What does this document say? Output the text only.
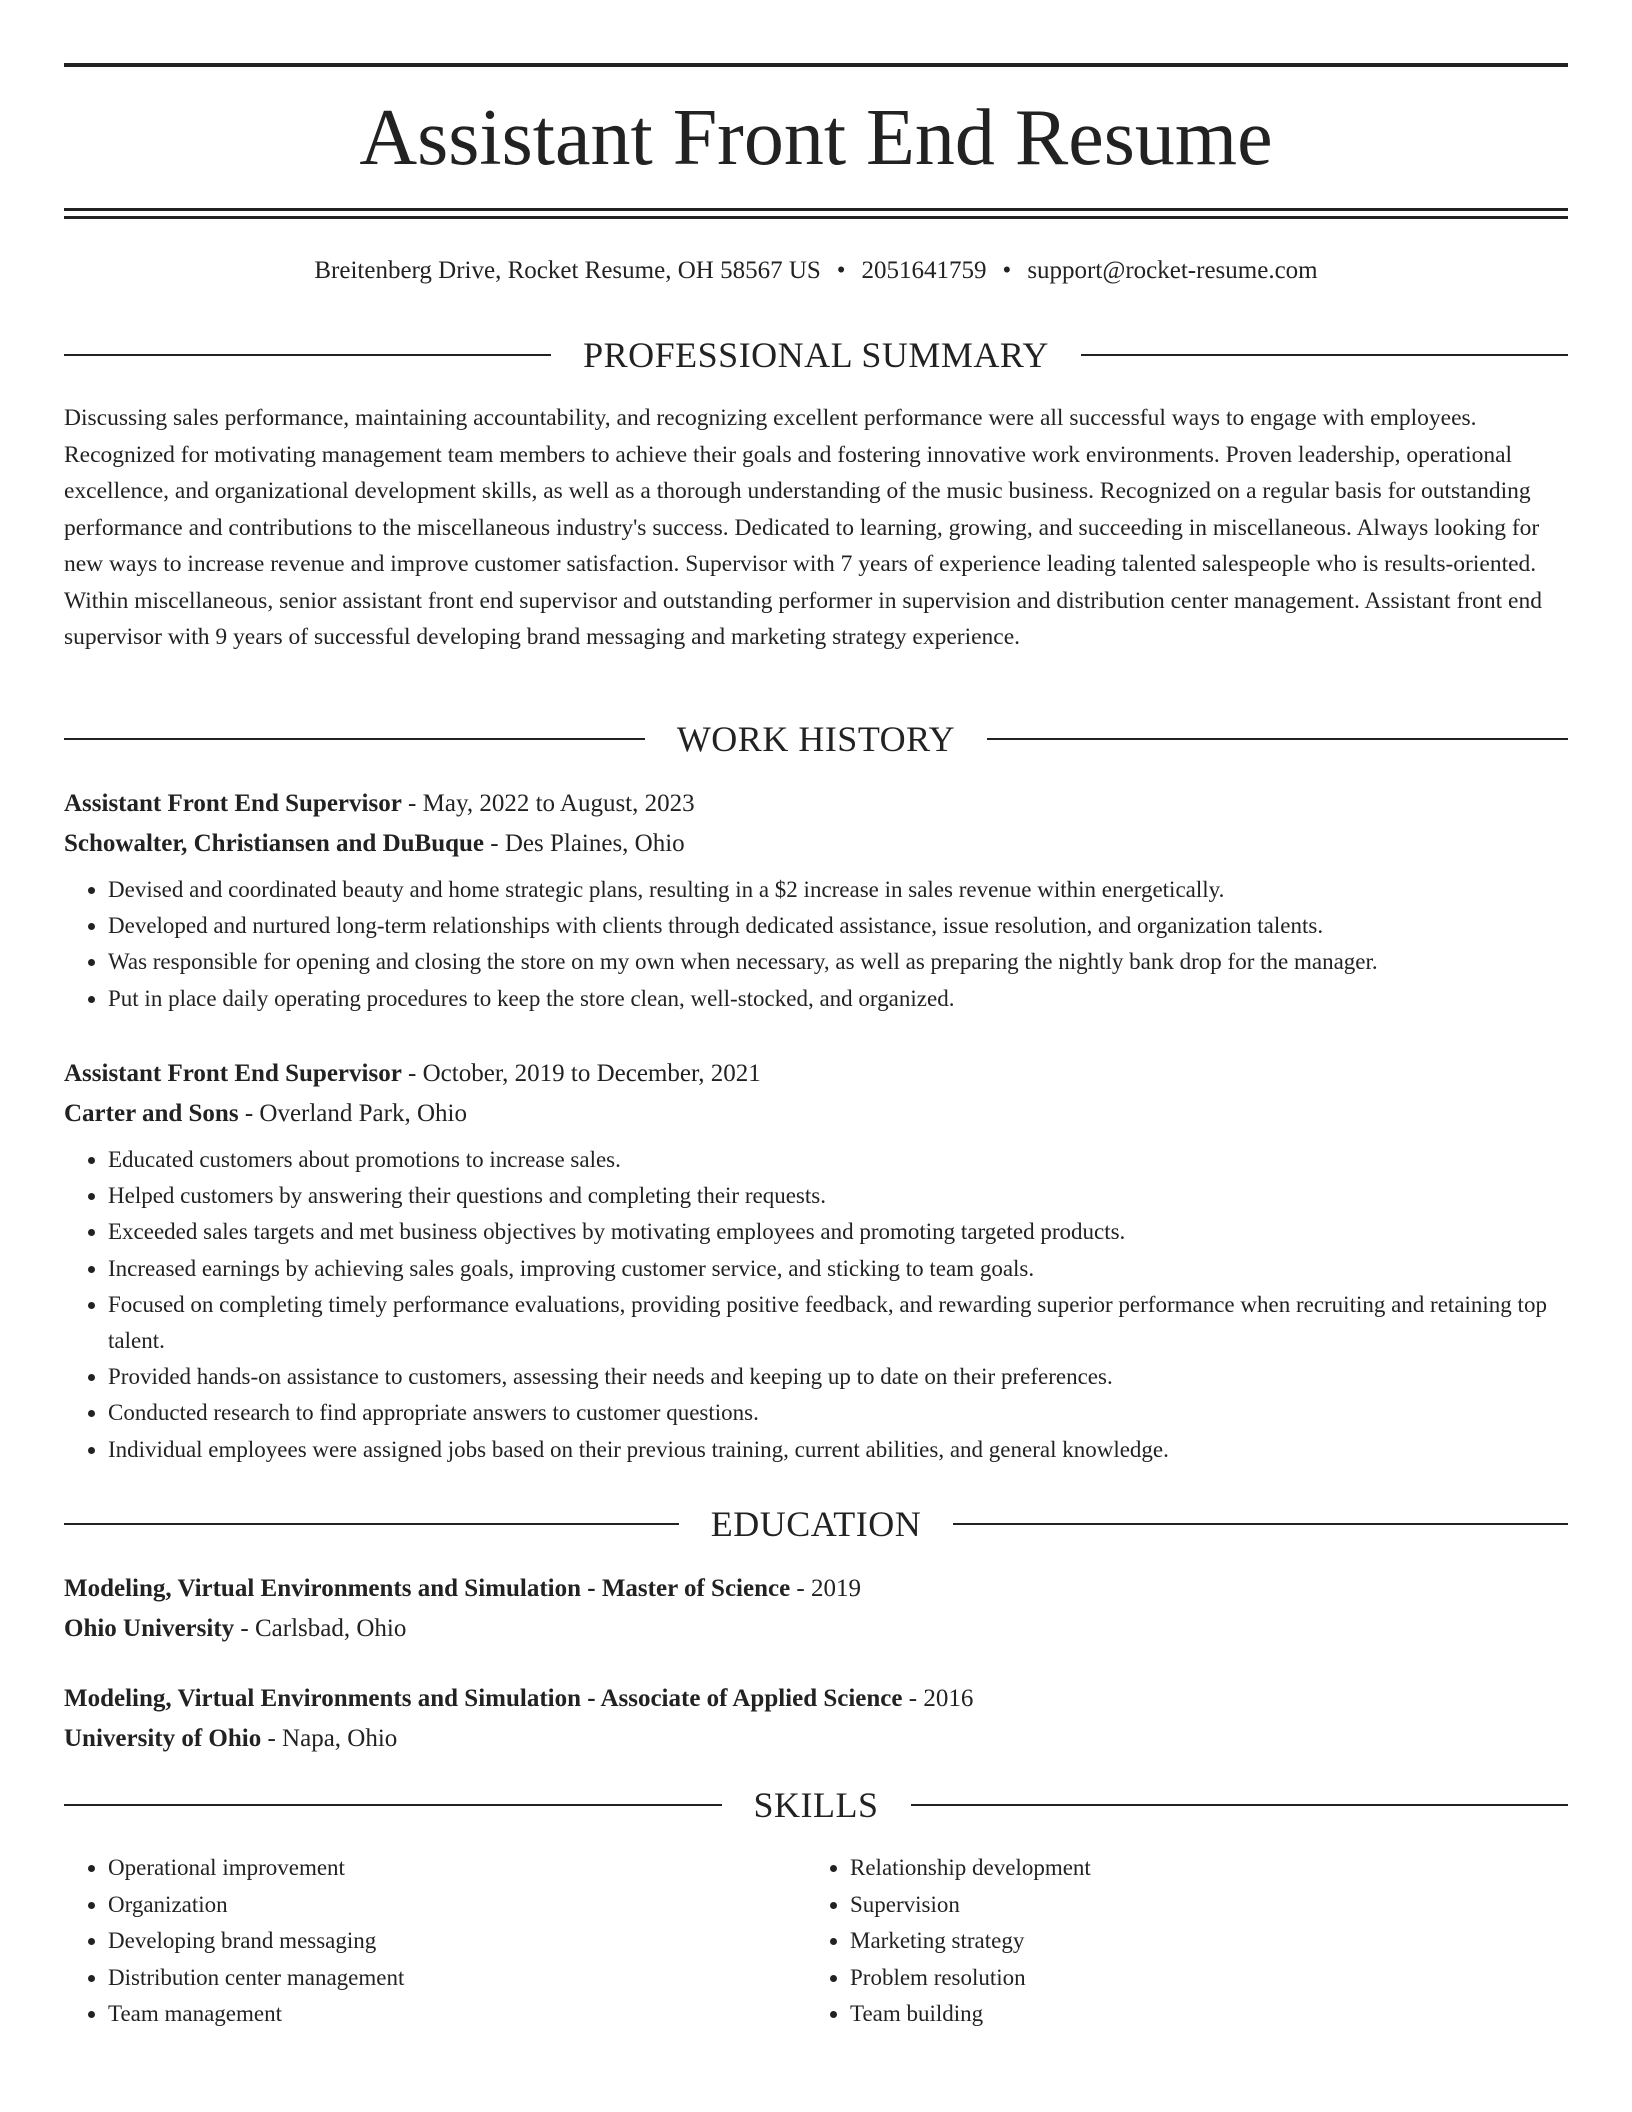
Assistant Front End Resume
Breitenberg Drive, Rocket Resume, OH 58567 US • 2051641759 • support@rocket-resume.com
PROFESSIONAL SUMMARY

Discussing sales performance, maintaining accountability, and recognizing excellent performance were all successful ways to engage with employees. Recognized for motivating management team members to achieve their goals and fostering innovative work environments. Proven leadership, operational excellence, and organizational development skills, as well as a thorough understanding of the music business. Recognized on a regular basis for outstanding performance and contributions to the miscellaneous industry's success. Dedicated to learning, growing, and succeeding in miscellaneous. Always looking for new ways to increase revenue and improve customer satisfaction. Supervisor with 7 years of experience leading talented salespeople who is results-oriented. Within miscellaneous, senior assistant front end supervisor and outstanding performer in supervision and distribution center management. Assistant front end supervisor with 9 years of successful developing brand messaging and marketing strategy experience.

WORK HISTORY
Assistant Front End Supervisor - May, 2022 to August, 2023
Schowalter, Christiansen and DuBuque - Des Plaines, Ohio
• Devised and coordinated beauty and home strategic plans, resulting in a $2 increase in sales revenue within energetically.
• Developed and nurtured long-term relationships with clients through dedicated assistance, issue resolution, and organization talents.
• Was responsible for opening and closing the store on my own when necessary, as well as preparing the nightly bank drop for the manager.
• Put in place daily operating procedures to keep the store clean, well-stocked, and organized.
Assistant Front End Supervisor - October, 2019 to December, 2021
Carter and Sons - Overland Park, Ohio
• Educated customers about promotions to increase sales.
• Helped customers by answering their questions and completing their requests.
• Exceeded sales targets and met business objectives by motivating employees and promoting targeted products.
• Increased earnings by achieving sales goals, improving customer service, and sticking to team goals.
• Focused on completing timely performance evaluations, providing positive feedback, and rewarding superior performance when recruiting and retaining top talent.
• Provided hands-on assistance to customers, assessing their needs and keeping up to date on their preferences.
• Conducted research to find appropriate answers to customer questions.
• Individual employees were assigned jobs based on their previous training, current abilities, and general knowledge.
EDUCATION
Modeling, Virtual Environments and Simulation - Master of Science - 2019
Ohio University - Carlsbad, Ohio
Modeling, Virtual Environments and Simulation - Associate of Applied Science - 2016
University of Ohio - Napa, Ohio
SKILLS
• Operational improvement
• Organization
• Developing brand messaging
• Distribution center management
• Team management
• Relationship development
• Supervision
• Marketing strategy
• Problem resolution
• Team building
